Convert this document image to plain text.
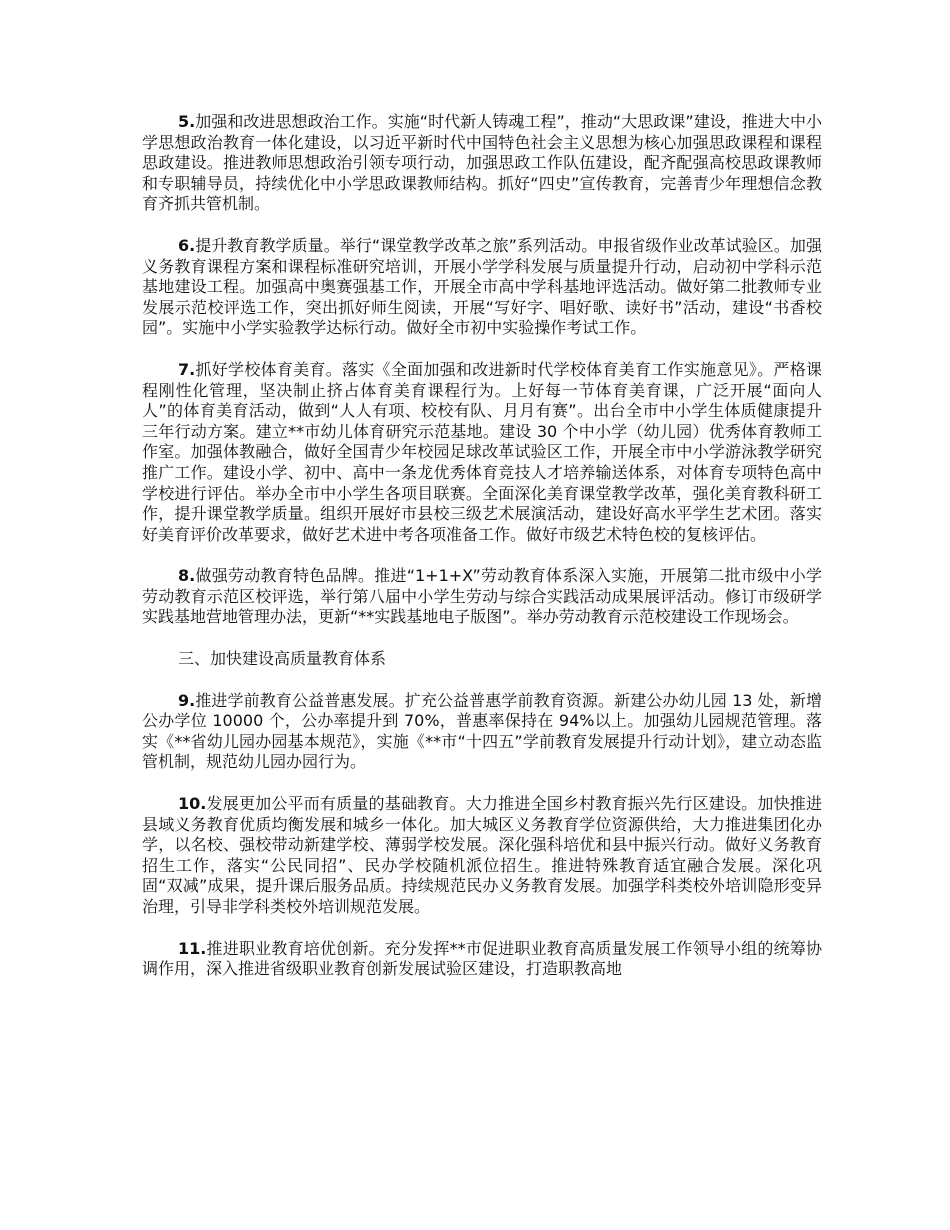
5.加强和改进思想政治工作。实施“时代新人铸魂工程”，推动“大思政课”建设，推进大中小学思想政治教育一体化建设，以习近平新时代中国特色社会主义思想为核心加强思政课程和课程思政建设。推进教师思想政治引领专项行动，加强思政工作队伍建设，配齐配强高校思政课教师和专职辅导员，持续优化中小学思政课教师结构。抓好“四史”宣传教育，完善青少年理想信念教育齐抓共管机制。

6.提升教育教学质量。举行“课堂教学改革之旅”系列活动。申报省级作业改革试验区。加强义务教育课程方案和课程标准研究培训，开展小学学科发展与质量提升行动，启动初中学科示范基地建设工程。加强高中奥赛强基工作，开展全市高中学科基地评选活动。做好第二批教师专业发展示范校评选工作，突出抓好师生阅读，开展“写好字、唱好歌、读好书”活动，建设“书香校园”。实施中小学实验教学达标行动。做好全市初中实验操作考试工作。

7.抓好学校体育美育。落实《全面加强和改进新时代学校体育美育工作实施意见》。严格课程刚性化管理，坚决制止挤占体育美育课程行为。上好每一节体育美育课，广泛开展“面向人人”的体育美育活动，做到“人人有项、校校有队、月月有赛”。出台全市中小学生体质健康提升三年行动方案。建立**市幼儿体育研究示范基地。建设 30 个中小学（幼儿园）优秀体育教师工作室。加强体教融合，做好全国青少年校园足球改革试验区工作，开展全市中小学游泳教学研究推广工作。建设小学、初中、高中一条龙优秀体育竞技人才培养输送体系，对体育专项特色高中学校进行评估。举办全市中小学生各项目联赛。全面深化美育课堂教学改革，强化美育教科研工作，提升课堂教学质量。组织开展好市县校三级艺术展演活动，建设好高水平学生艺术团。落实好美育评价改革要求，做好艺术进中考各项准备工作。做好市级艺术特色校的复核评估。

8.做强劳动教育特色品牌。推进“1+1+X”劳动教育体系深入实施，开展第二批市级中小学劳动教育示范区校评选，举行第八届中小学生劳动与综合实践活动成果展评活动。修订市级研学实践基地营地管理办法，更新“**实践基地电子版图”。举办劳动教育示范校建设工作现场会。

三、加快建设高质量教育体系

9.推进学前教育公益普惠发展。扩充公益普惠学前教育资源。新建公办幼儿园 13 处，新增公办学位 10000 个，公办率提升到 70%，普惠率保持在 94%以上。加强幼儿园规范管理。落实《**省幼儿园办园基本规范》，实施《**市“十四五”学前教育发展提升行动计划》，建立动态监管机制，规范幼儿园办园行为。

10.发展更加公平而有质量的基础教育。大力推进全国乡村教育振兴先行区建设。加快推进县域义务教育优质均衡发展和城乡一体化。加大城区义务教育学位资源供给，大力推进集团化办学，以名校、强校带动新建学校、薄弱学校发展。深化强科培优和县中振兴行动。做好义务教育招生工作，落实“公民同招”、民办学校随机派位招生。推进特殊教育适宜融合发展。深化巩固“双减”成果，提升课后服务品质。持续规范民办义务教育发展。加强学科类校外培训隐形变异治理，引导非学科类校外培训规范发展。

11.推进职业教育培优创新。充分发挥**市促进职业教育高质量发展工作领导小组的统筹协调作用，深入推进省级职业教育创新发展试验区建设，打造职教高地
